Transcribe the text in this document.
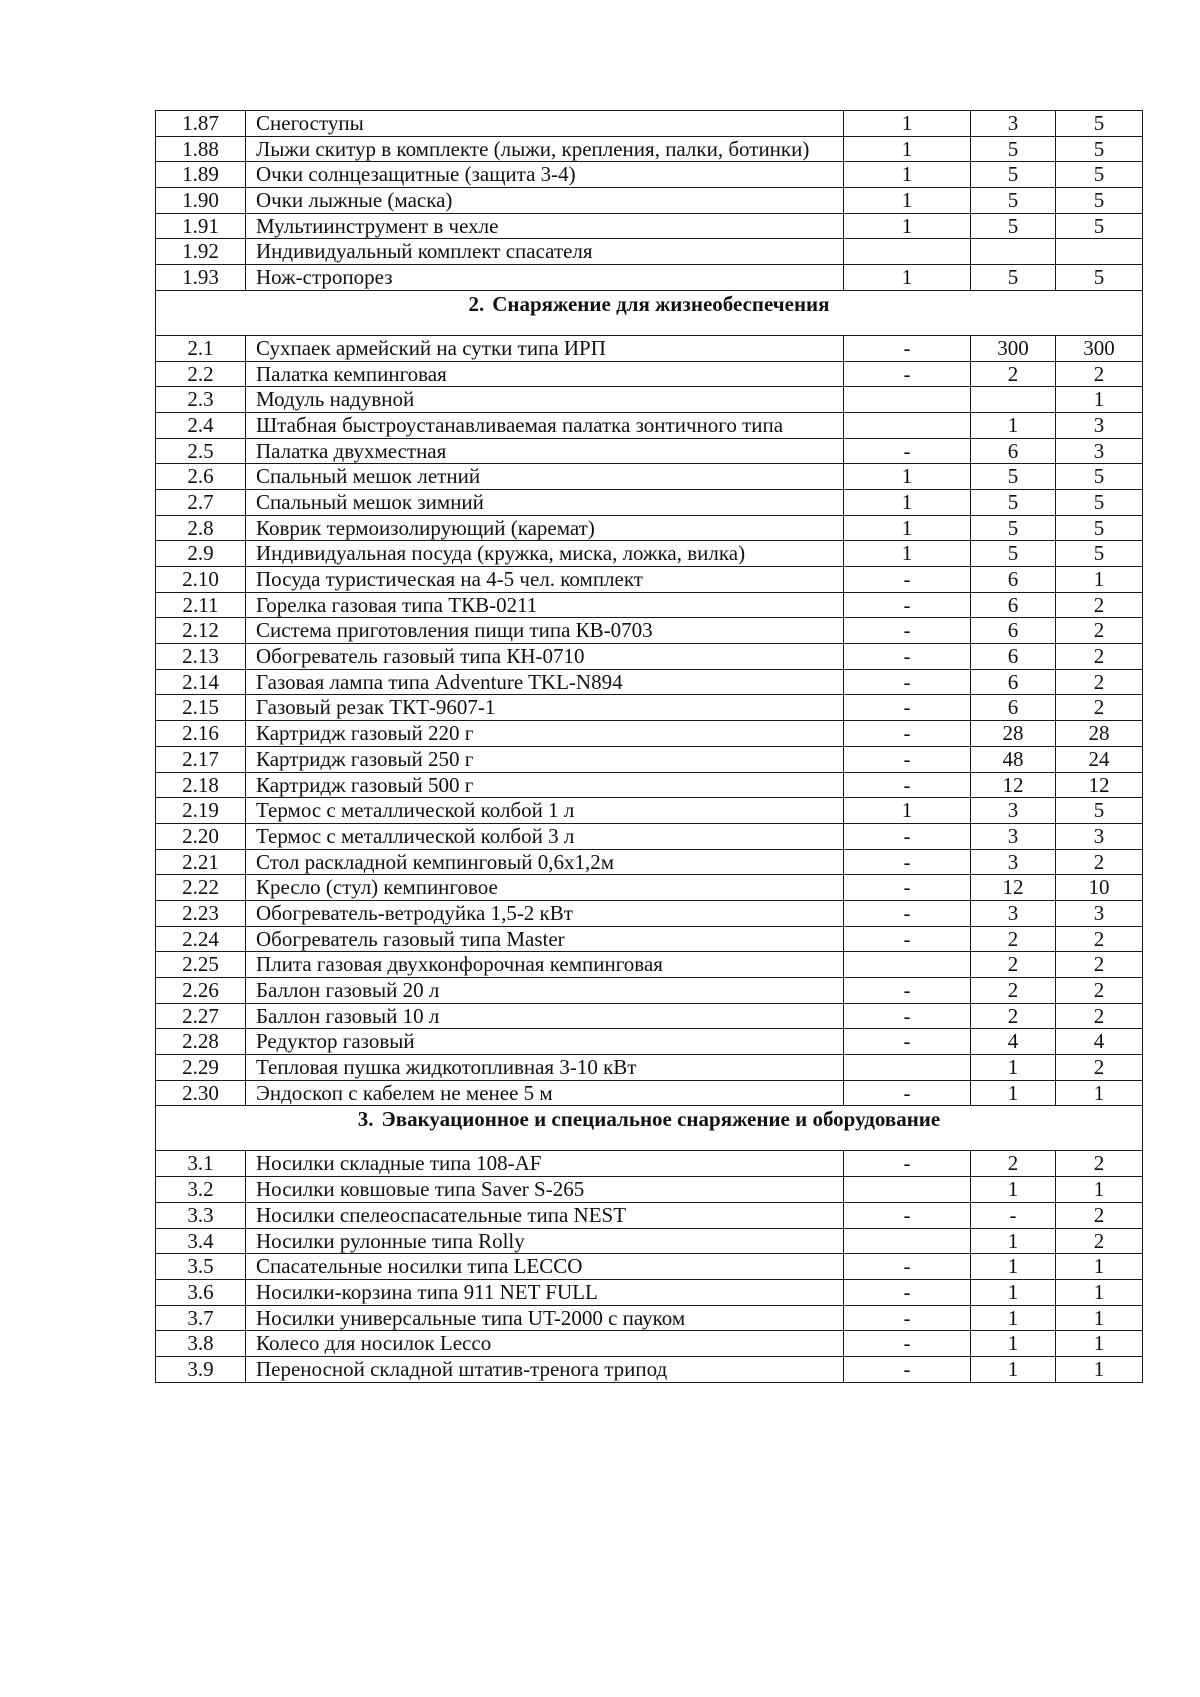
1.87	Снегоступы	1	3	5
1.88	Лыжи скитур в комплекте (лыжи, крепления, палки, ботинки)	1	5	5
1.89	Очки солнцезащитные (защита 3-4)	1	5	5
1.90	Очки лыжные (маска)	1	5	5
1.91	Мультиинструмент в чехле	1	5	5
1.92	Индивидуальный комплект спасателя			
1.93	Нож-стропорез	1	5	5
2. Снаряжение для жизнеобеспечения				
2.1	Сухпаек армейский на сутки типа ИРП	-	300	300
2.2	Палатка кемпинговая	-	2	2
2.3	Модуль надувной			1
2.4	Штабная быстроустанавливаемая палатка зонтичного типа		1	3
2.5	Палатка двухместная	-	6	3
2.6	Спальный мешок летний	1	5	5
2.7	Спальный мешок зимний	1	5	5
2.8	Коврик термоизолирующий (каремат)	1	5	5
2.9	Индивидуальная посуда (кружка, миска, ложка, вилка)	1	5	5
2.10	Посуда туристическая на 4-5 чел. комплект	-	6	1
2.11	Горелка газовая типа ТКВ-0211	-	6	2
2.12	Система приготовления пищи типа КВ-0703	-	6	2
2.13	Обогреватель газовый типа КН-0710	-	6	2
2.14	Газовая лампа типа Adventure TKL-N894	-	6	2
2.15	Газовый резак ТКТ-9607-1	-	6	2
2.16	Картридж газовый 220 г	-	28	28
2.17	Картридж газовый 250 г	-	48	24
2.18	Картридж газовый 500 г	-	12	12
2.19	Термос с металлической колбой 1 л	1	3	5
2.20	Термос с металлической колбой 3 л	-	3	3
2.21	Стол раскладной кемпинговый 0,6х1,2м	-	3	2
2.22	Кресло (стул) кемпинговое	-	12	10
2.23	Обогреватель-ветродуйка 1,5-2 кВт	-	3	3
2.24	Обогреватель газовый типа Master	-	2	2
2.25	Плита газовая двухконфорочная кемпинговая		2	2
2.26	Баллон газовый 20 л	-	2	2
2.27	Баллон газовый 10 л	-	2	2
2.28	Редуктор газовый	-	4	4
2.29	Тепловая пушка жидкотопливная 3-10 кВт		1	2
2.30	Эндоскоп с кабелем не менее 5 м	-	1	1
3. Эвакуационное и специальное снаряжение и оборудование				
3.1	Носилки складные типа 108-AF	-	2	2
3.2	Носилки ковшовые типа Saver S-265		1	1
3.3	Носилки спелеоспасательные типа NEST	-	-	2
3.4	Носилки рулонные типа Rolly		1	2
3.5	Спасательные носилки типа LECCO	-	1	1
3.6	Носилки-корзина типа 911 NET FULL	-	1	1
3.7	Носилки универсальные типа UT-2000 с пауком	-	1	1
3.8	Колесо для носилок Lecco	-	1	1
3.9	Переносной складной штатив-тренога трипод	-	1	1
